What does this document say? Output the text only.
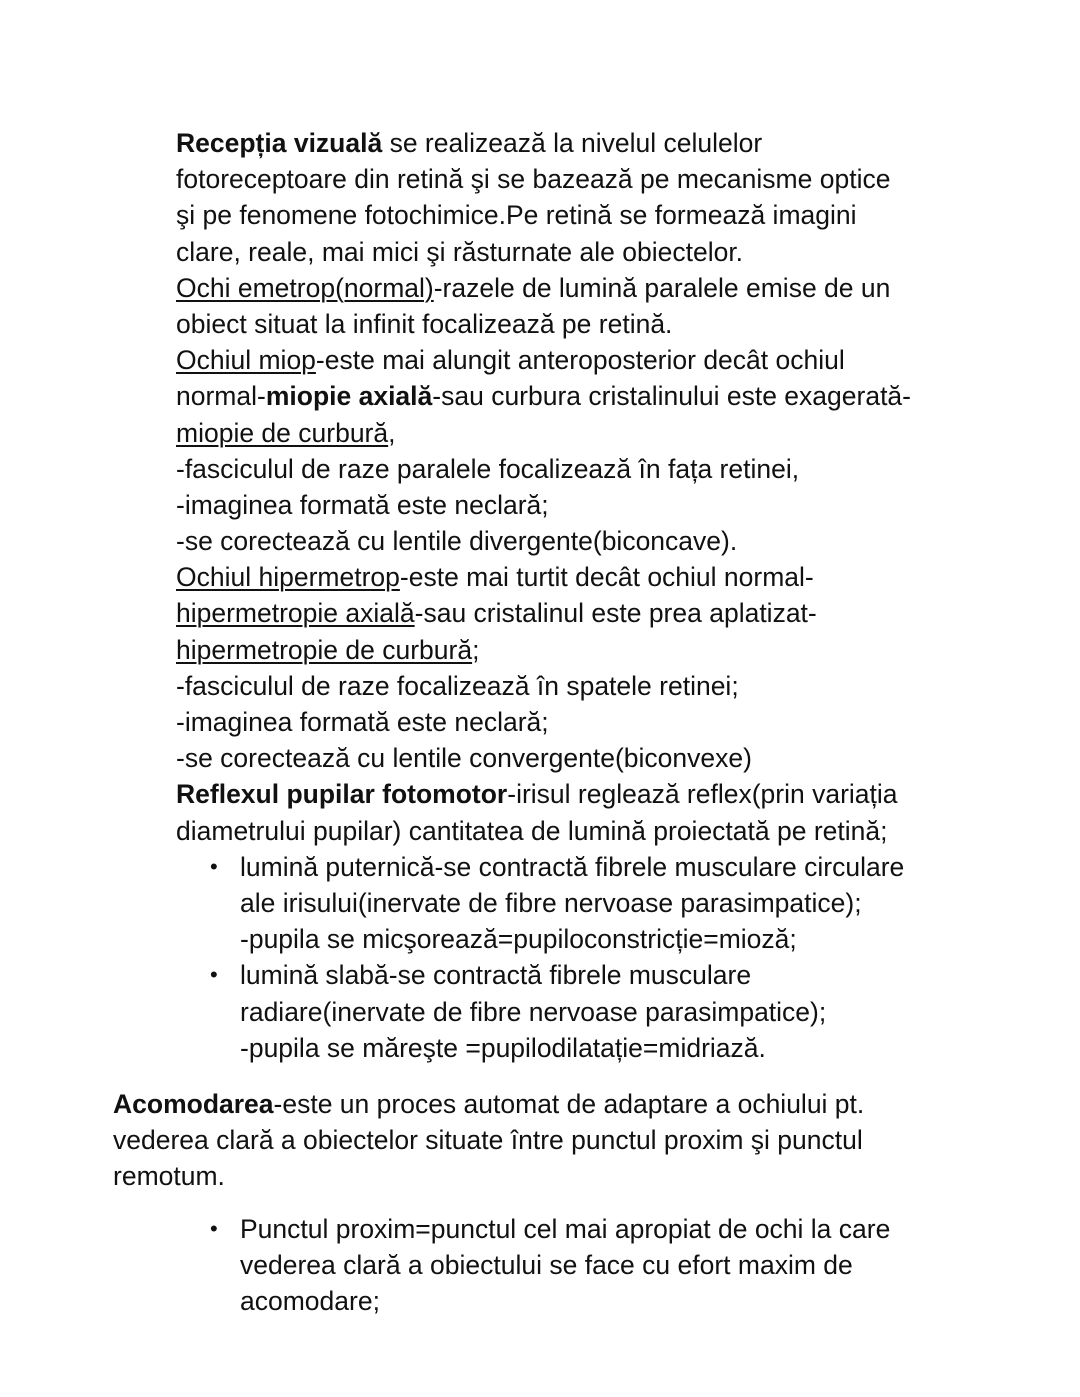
Recepția vizuală se realizează la nivelul celulelor
fotoreceptoare din retină şi se bazează pe mecanisme optice
şi pe fenomene fotochimice.Pe retină se formează imagini
clare, reale, mai mici şi răsturnate ale obiectelor.
Ochi emetrop(normal)-razele de lumină paralele emise de un
obiect situat la infinit focalizează pe retină.
Ochiul miop-este mai alungit anteroposterior decât ochiul
normal-miopie axială-sau curbura cristalinului este exagerată-
miopie de curbură,
-fasciculul de raze paralele focalizează în fața retinei,
-imaginea formată este neclară;
-se corectează cu lentile divergente(biconcave).
Ochiul hipermetrop-este mai turtit decât ochiul normal-
hipermetropie axială-sau cristalinul este prea aplatizat-
hipermetropie de curbură;
-fasciculul de raze focalizează în spatele retinei;
-imaginea formată este neclară;
-se corectează cu lentile convergente(biconvexe)
Reflexul pupilar fotomotor-irisul reglează reflex(prin variația
diametrului pupilar) cantitatea de lumină proiectată pe retină;
• lumină puternică-se contractă fibrele musculare circulare
ale irisului(inervate de fibre nervoase parasimpatice);
-pupila se micşorează=pupiloconstricție=mioză;
• lumină slabă-se contractă fibrele musculare
radiare(inervate de fibre nervoase parasimpatice);
-pupila se măreşte =pupilodilatație=midriază.
Acomodarea-este un proces automat de adaptare a ochiului pt.
vederea clară a obiectelor situate între punctul proxim şi punctul
remotum.
• Punctul proxim=punctul cel mai apropiat de ochi la care
vederea clară a obiectului se face cu efort maxim de
acomodare;
